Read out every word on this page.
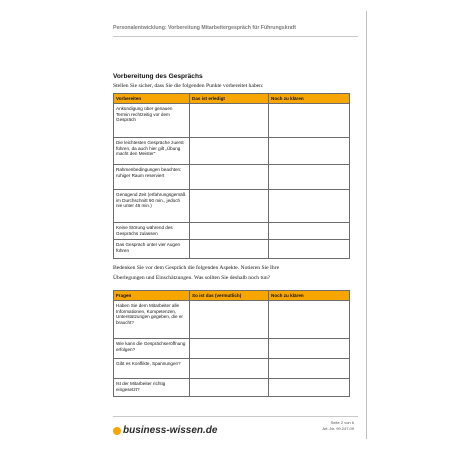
Personalentwicklung: Vorbereitung Mitarbeitergespräch für Führungskraft
Vorbereitung des Gesprächs
Stellen Sie sicher, dass Sie die folgenden Punkte vorbereitet haben:
Vorbereiten	Das ist erledigt	Noch zu klären
Ankündigung über genauen Termin rechtzeitig vor dem Gespräch		
Die leichtesten Gespräche zuerst führen, da auch hier gilt „Übung macht den Meister"		
Rahmenbedingungen beachten: ruhiger Raum reserviert		
Genügend Zeit (erfahrungsgemäß im Durchschnitt 90 min., jedoch nie unter 45 min.)		
Keine Störung während des Gesprächs zulassen		
Das Gespräch unter vier Augen führen		
Bedenken Sie vor dem Gespräch die folgenden Aspekte. Notieren Sie Ihre
Überlegungen und Einschätzungen. Was sollten Sie deshalb noch tun?
Fragen	So ist das (vermutlich)	Noch zu klären
Haben Sie dem Mitarbeiter alle Informationen, Kompetenzen, Unterstützungen gegeben, die er braucht?		
Wie kann die Gesprächseröffnung erfolgen?		
Gibt es Konflikte, Spannungen?		
Ist der Mitarbeiter richtig eingesetzt?		
business-wissen.de
Seite 2 von 6
Art.-Nr. 99.247.09
